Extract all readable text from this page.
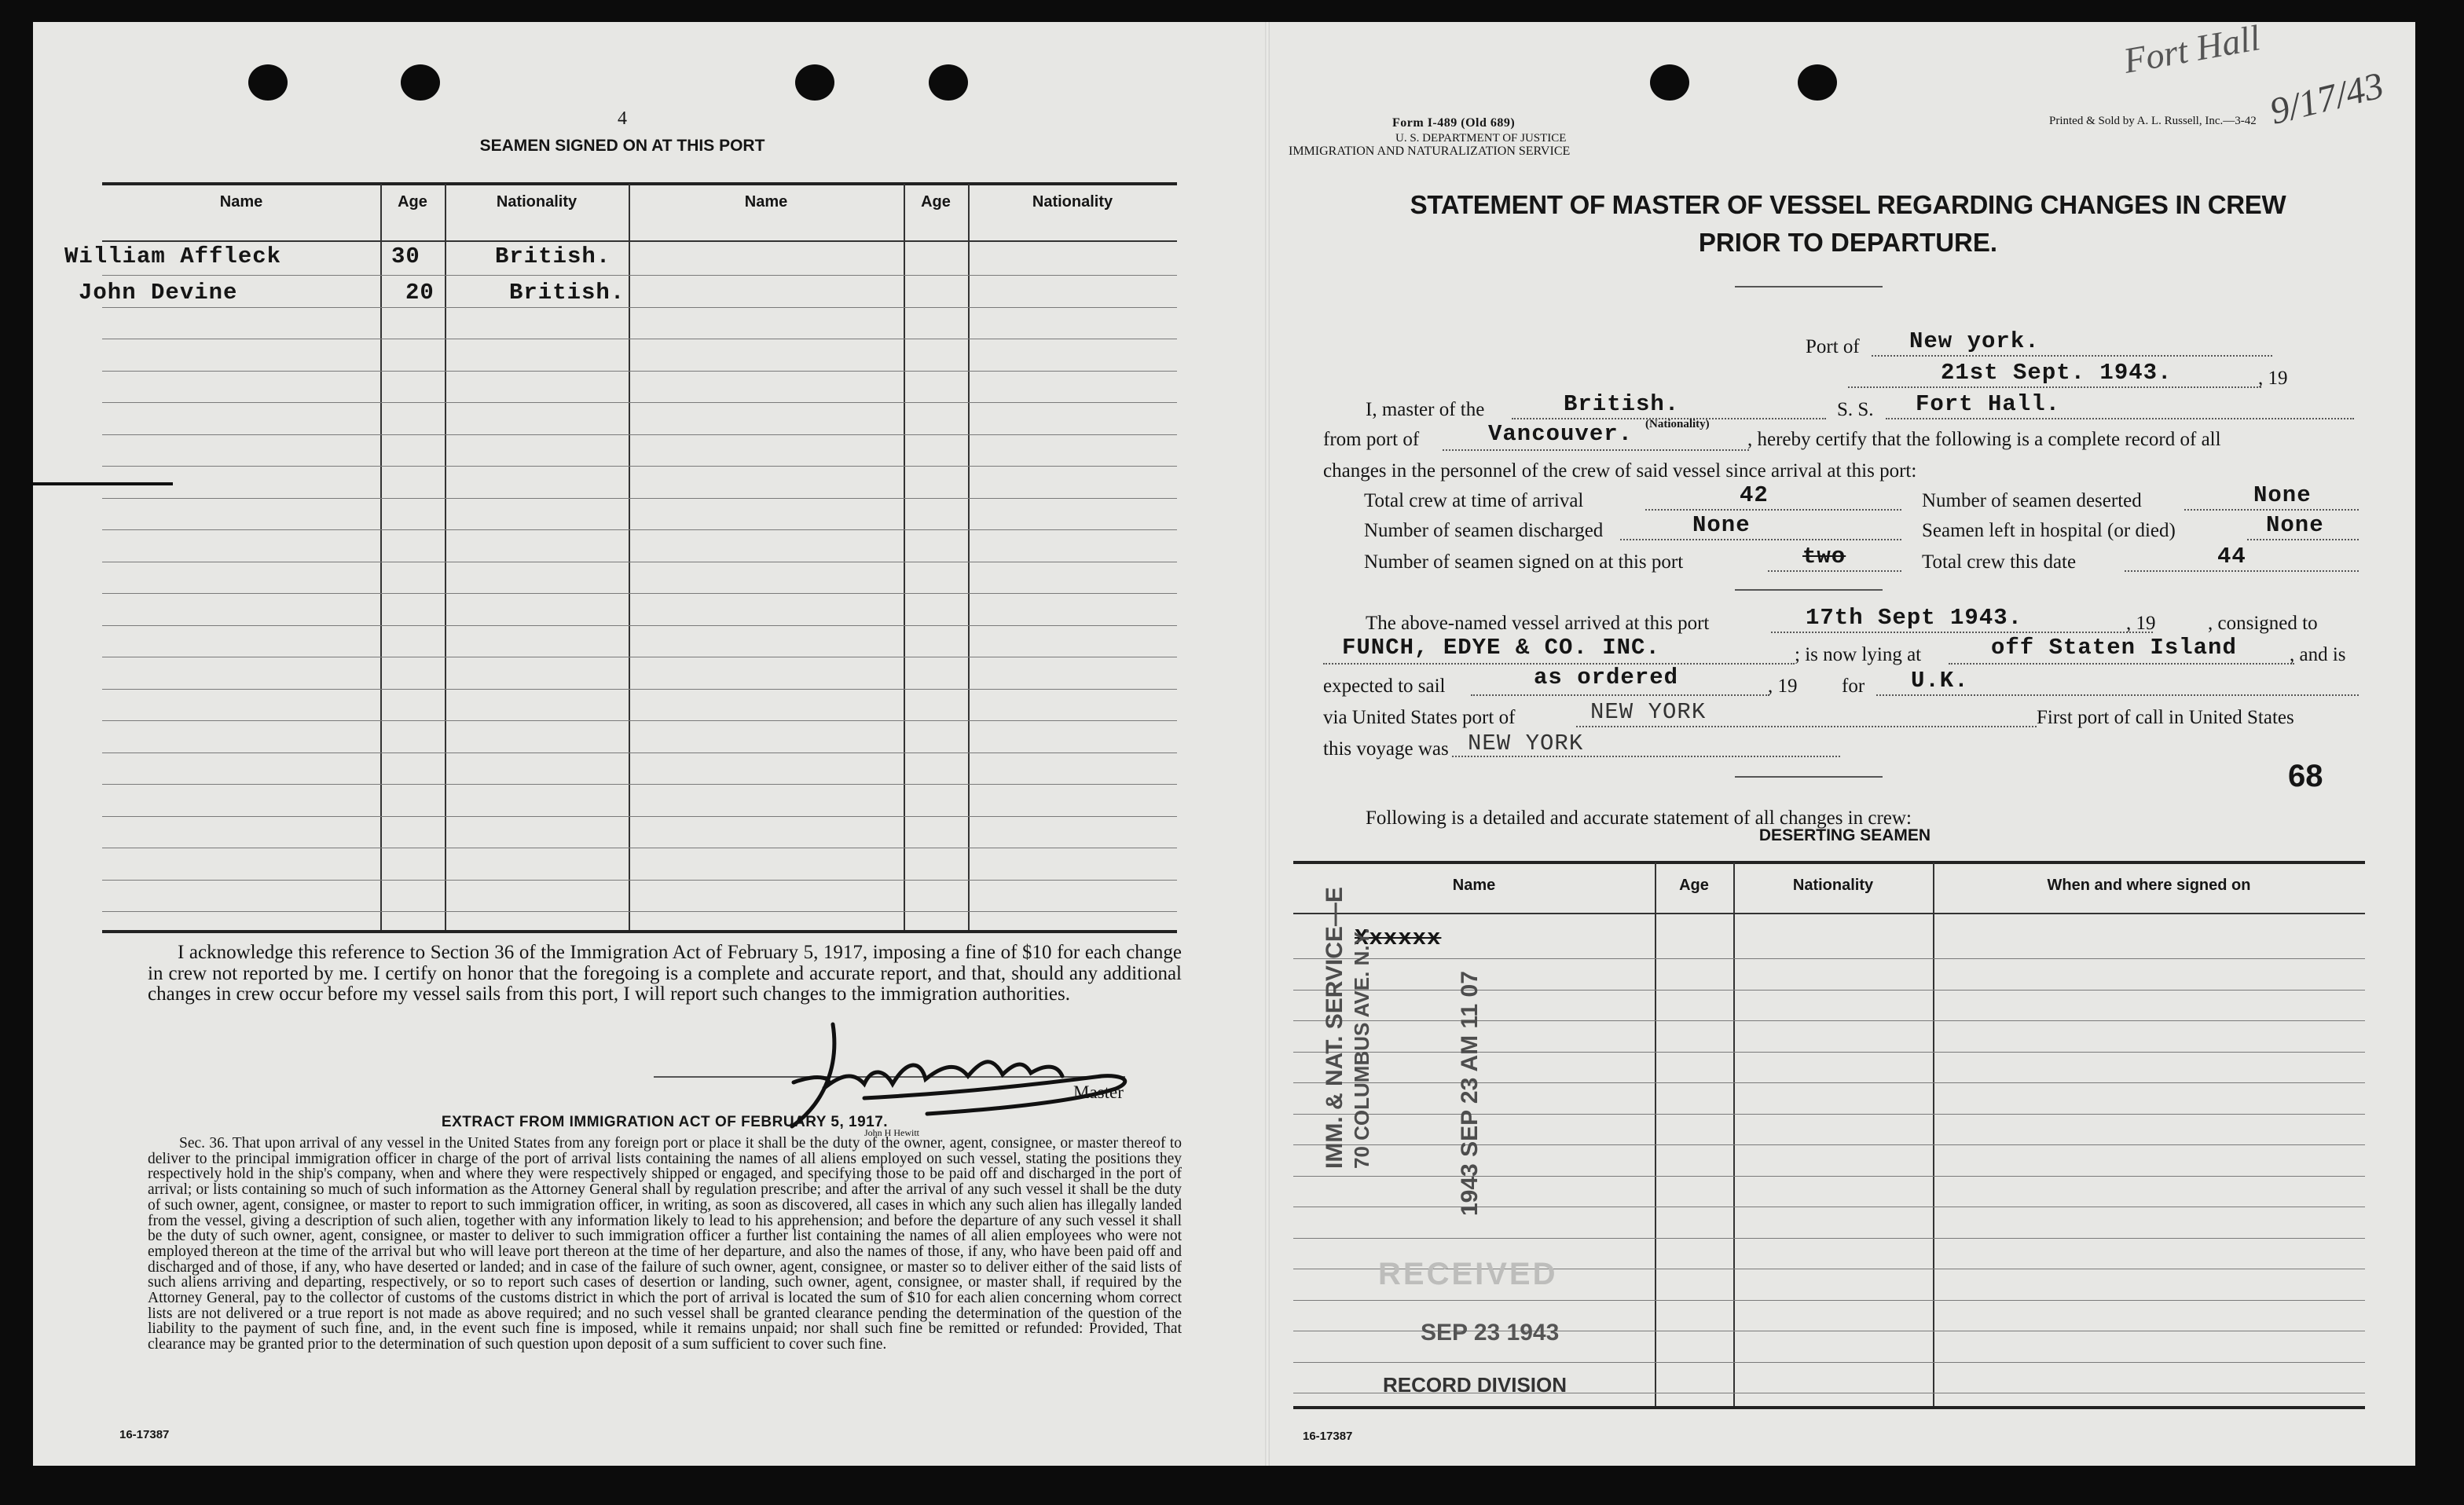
4
SEAMEN SIGNED ON AT THIS PORT
Name	Age	Nationality	Name	Age	Nationality
William Affleck	30	British.
John Devine	20	British.
I acknowledge this reference to Section 36 of the Immigration Act of February 5, 1917, imposing a fine of $10 for each change in crew not reported by me. I certify on honor that the foregoing is a complete and accurate report, and that, should any additional changes in crew occur before my vessel sails from this port, I will report such changes to the immigration authorities.
John H Hewitt
Master
EXTRACT FROM IMMIGRATION ACT OF FEBRUARY 5, 1917.
Sec. 36. That upon arrival of any vessel in the United States from any foreign port or place it shall be the duty of the owner, agent, consignee, or master thereof to deliver to the principal immigration officer in charge of the port of arrival lists containing the names of all aliens employed on such vessel, stating the positions they respectively hold in the ship's company, when and where they were respectively shipped or engaged, and specifying those to be paid off and discharged in the port of arrival; or lists containing so much of such information as the Attorney General shall by regulation prescribe; and after the arrival of any such vessel it shall be the duty of such owner, agent, consignee, or master to report to such immigration officer, in writing, as soon as discovered, all cases in which any such alien has illegally landed from the vessel, giving a description of such alien, together with any information likely to lead to his apprehension; and before the departure of any such vessel it shall be the duty of such owner, agent, consignee, or master to deliver to such immigration officer a further list containing the names of all alien employees who were not employed thereon at the time of the arrival but who will leave port thereon at the time of her departure, and also the names of those, if any, who have been paid off and discharged and of those, if any, who have deserted or landed; and in case of the failure of such owner, agent, consignee, or master so to deliver either of the said lists of such aliens arriving and departing, respectively, or so to report such cases of desertion or landing, such owner, agent, consignee, or master shall, if required by the Attorney General, pay to the collector of customs of the customs district in which the port of arrival is located the sum of $10 for each alien concerning whom correct lists are not delivered or a true report is not made as above required; and no such vessel shall be granted clearance pending the determination of the question of the liability to the payment of such fine, and, in the event such fine is imposed, while it remains unpaid; nor shall such fine be remitted or refunded: Provided, That clearance may be granted prior to the determination of such question upon deposit of a sum sufficient to cover such fine.
16-17387
Form I-489 (Old 689)
U. S. DEPARTMENT OF JUSTICE
IMMIGRATION AND NATURALIZATION SERVICE
Printed & Sold by A. L. Russell, Inc.—3-42
Fort Hall
9/17/43
STATEMENT OF MASTER OF VESSEL REGARDING CHANGES IN CREW
PRIOR TO DEPARTURE.
Port of New york.
21st Sept. 1943.	, 19
I, master of the	British.	S. S. Fort Hall.
from port of	Vancouver. (Nationality)
, hereby certify that the following is a complete record of all
changes in the personnel of the crew of said vessel since arrival at this port:
Total crew at time of arrival	42
Number of seamen discharged	None
Number of seamen signed on at this port	two
Number of seamen deserted	None
Seamen left in hospital (or died)	None
Total crew this date	44
The above-named vessel arrived at this port	17th Sept 1943.	, 19	, consigned to
FUNCH, EDYE & CO. INC.	; is now lying at	off Staten Island	, and is
expected to sail	as ordered	, 19 for U.K.
via United States port of	NEW YORK	First port of call in United States
this voyage was NEW YORK
68
Following is a detailed and accurate statement of all changes in crew:
DESERTING SEAMEN
Name	Age	Nationality	When and where signed on
Xxxxxx
IMM. & NAT. SERVICE—E 70 COLUMBUS AVE. N.Y.	1943 SEP 23 AM 11 07
RECEIVED
SEP 23 1943
RECORD DIVISION
16-17387
